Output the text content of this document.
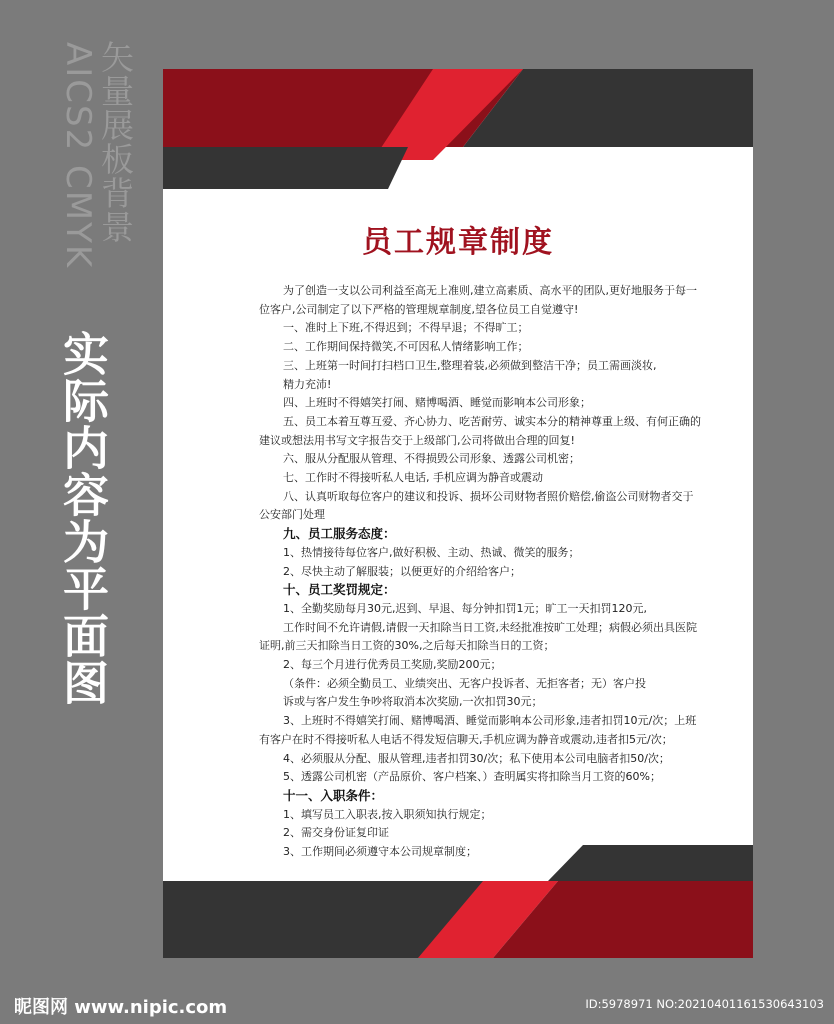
AICS2 CMYK
矢量展板背景
实际内容为平面图
员工规章制度
为了创造一支以公司利益至高无上准则,建立高素质、高水平的团队,更好地服务于每一
位客户,公司制定了以下严格的管理规章制度,望各位员工自觉遵守!
一、准时上下班,不得迟到；不得早退；不得旷工；
二、工作期间保持微笑,不可因私人情绪影响工作；
三、上班第一时间打扫档口卫生,整理着装,必须做到整洁干净；员工需画淡妆,
精力充沛!
四、上班时不得嬉笑打闹、赌博喝酒、睡觉而影响本公司形象；
五、员工本着互尊互爱、齐心协力、吃苦耐劳、诚实本分的精神尊重上级、有何正确的
建议或想法用书写文字报告交于上级部门,公司将做出合理的回复!
六、服从分配服从管理、不得损毁公司形象、透露公司机密；
七、工作时不得接听私人电话, 手机应调为静音或震动
八、认真听取每位客户的建议和投诉、损坏公司财物者照价赔偿,偷盗公司财物者交于
公安部门处理
九、员工服务态度：
1、热情接待每位客户,做好积极、主动、热诚、微笑的服务；
2、尽快主动了解服装；以便更好的介绍给客户；
十、员工奖罚规定：
1、全勤奖励每月30元,迟到、早退、每分钟扣罚1元；旷工一天扣罚120元,
工作时间不允许请假,请假一天扣除当日工资,未经批准按旷工处理；病假必须出具医院
证明,前三天扣除当日工资的30%,之后每天扣除当日的工资；
2、每三个月进行优秀员工奖励,奖励200元；
（条件：必须全勤员工、业绩突出、无客户投诉者、无拒客者；无）客户投
诉或与客户发生争吵将取消本次奖励,一次扣罚30元；
3、上班时不得嬉笑打闹、赌博喝酒、睡觉而影响本公司形象,违者扣罚10元/次；上班
有客户在时不得接听私人电话不得发短信聊天,手机应调为静音或震动,违者扣5元/次；
4、必须服从分配、服从管理,违者扣罚30/次；私下使用本公司电脑者扣50/次；
5、透露公司机密（产品原价、客户档案、）查明属实将扣除当月工资的60%；
十一、入职条件：
1、填写员工入职表,按入职须知执行规定；
2、需交身份证复印证
3、工作期间必须遵守本公司规章制度；
昵图网 www.nipic.com	ID:5978971 NO:20210401161530643103
